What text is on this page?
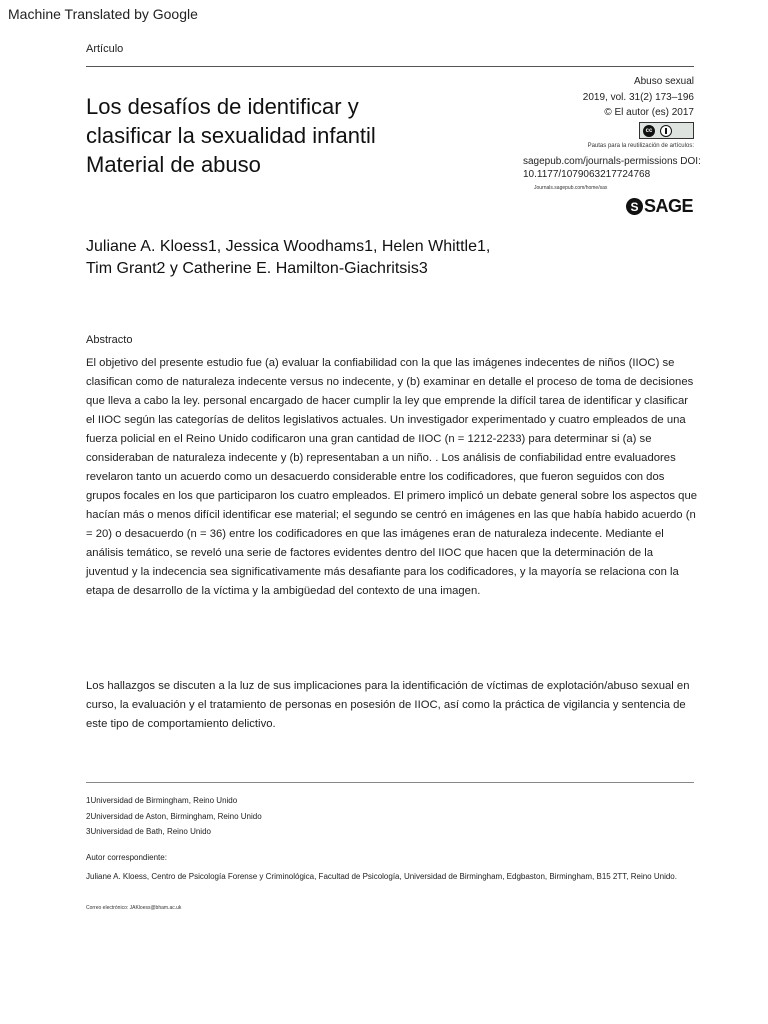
Machine Translated by Google
Artículo
Los desafíos de identificar y
clasificar la sexualidad infantil
Material de abuso
Abuso sexual
2019, vol. 31(2) 173–196
© El autor (es) 2017
cc
Pautas para la reutilización de artículos:
sagepub.com/journals-permissions DOI: 10.1177/1079063217724768
Journals.sagepub.com/home/sax
S SAGE
Juliane A. Kloess1, Jessica Woodhams1, Helen Whittle1,
Tim Grant2 y Catherine E. Hamilton-Giachritsis3
Abstracto
El objetivo del presente estudio fue (a) evaluar la confiabilidad con la que las imágenes indecentes de niños (IIOC) se clasifican como de naturaleza indecente versus no indecente, y (b) examinar en detalle el proceso de toma de decisiones que lleva a cabo la ley. personal encargado de hacer cumplir la ley que emprende la difícil tarea de identificar y clasificar el IIOC según las categorías de delitos legislativos actuales. Un investigador experimentado y cuatro empleados de una fuerza policial en el Reino Unido codificaron una gran cantidad de IIOC (n = 1212-2233) para determinar si (a) se consideraban de naturaleza indecente y (b) representaban a un niño. . Los análisis de confiabilidad entre evaluadores revelaron tanto un acuerdo como un desacuerdo considerable entre los codificadores, que fueron seguidos con dos grupos focales en los que participaron los cuatro empleados. El primero implicó un debate general sobre los aspectos que hacían más o menos difícil identificar ese material; el segundo se centró en imágenes en las que había habido acuerdo (n = 20) o desacuerdo (n = 36) entre los codificadores en que las imágenes eran de naturaleza indecente. Mediante el análisis temático, se reveló una serie de factores evidentes dentro del IIOC que hacen que la determinación de la juventud y la indecencia sea significativamente más desafiante para los codificadores, y la mayoría se relaciona con la etapa de desarrollo de la víctima y la ambigüedad del contexto de una imagen.
Los hallazgos se discuten a la luz de sus implicaciones para la identificación de víctimas de explotación/abuso sexual en curso, la evaluación y el tratamiento de personas en posesión de IIOC, así como la práctica de vigilancia y sentencia de este tipo de comportamiento delictivo.
1Universidad de Birmingham, Reino Unido
2Universidad de Aston, Birmingham, Reino Unido
3Universidad de Bath, Reino Unido
Autor correspondiente:
Juliane A. Kloess, Centro de Psicología Forense y Criminológica, Facultad de Psicología, Universidad de Birmingham, Edgbaston, Birmingham, B15 2TT, Reino Unido.
Correo electrónico: JAKloess@bham.ac.uk
